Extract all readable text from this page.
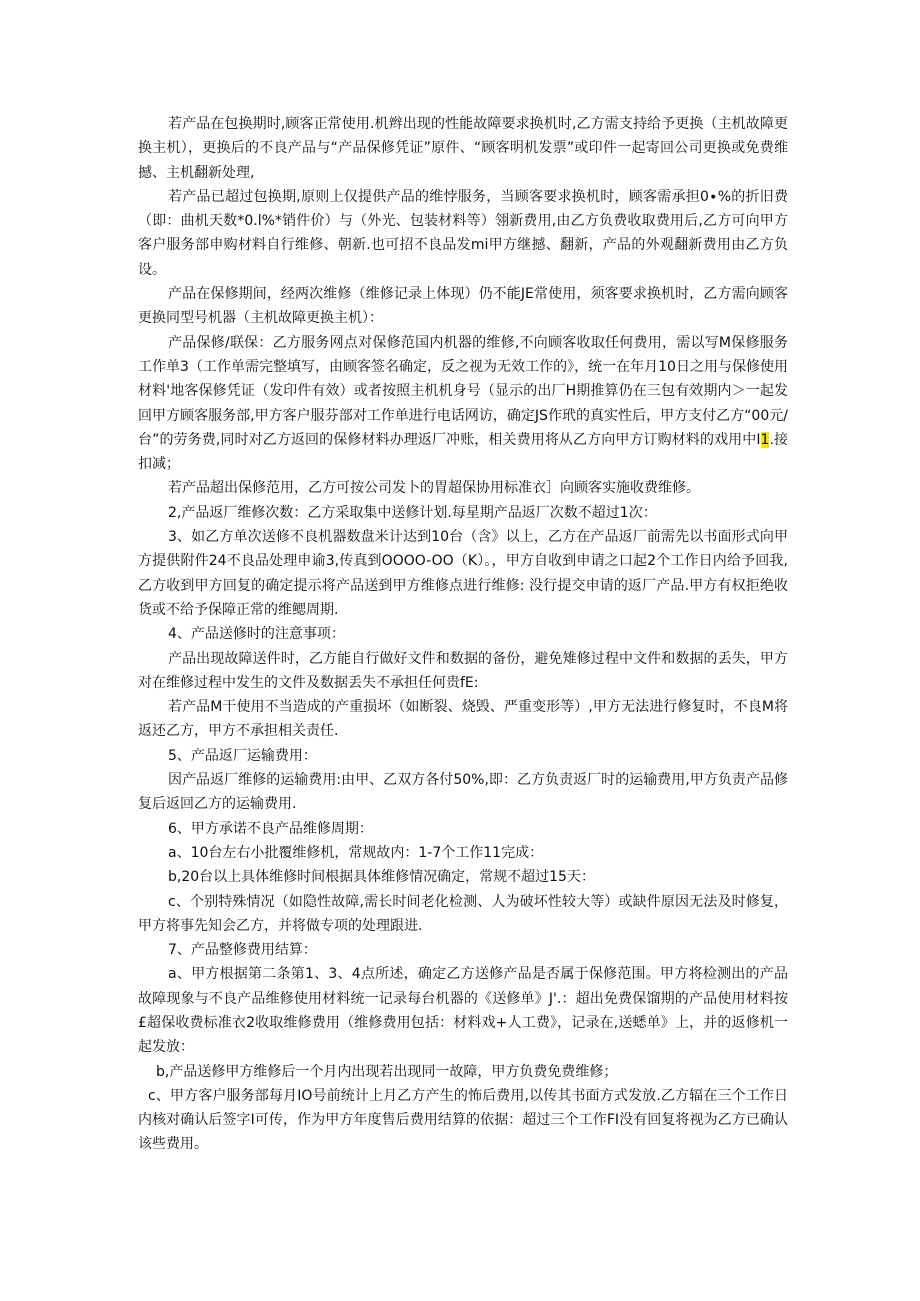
若产品在包换期时,顾客正常使用.机辫出现的性能故障要求换机时,乙方需支持给予更换（主机故障更换主机），更换后的不良产品与“产品保修凭证”原件、“顾客明机发票”或印件一起寄回公司更换或免费维撼、主机翻新处理,

若产品已超过包换期,原则上仅提供产品的维悖服务，当顾客要求换机时，顾客需承担0∙%的折旧费（即：曲机天数*0.l%*销件价）与（外光、包装材料等）翎新费用,由乙方负费收取费用后,乙方可向甲方客户服务部申购材料自行维修、朝新.也可招不良品发mi甲方继撼、翻新，产品的外观翻新费用由乙方负设。

产品在保修期间，经两次维修（维修记录上体现）仍不能JE常使用，须客要求换机时，乙方需向顾客更换同型号机器（主机故障更换主机）：

产品保修/联保：乙方服务网点对保修范国内机器的维修,不向顾客收取任何费用，需以写M保修服务工作单3（工作单需完整填写，由顾客签名确定，反之视为无效工作的》，统一在年月10日之用与保修使用材料'地客保修凭证（发印件有效）或者按照主机机身号（显示的出厂H期推算仍在三包有效期内＞一起发回甲方顾客服务部,甲方客户服芬部对工作单进行电话网访，确定JS作玳的真实性后，甲方支付乙方“00元/台”的劳务费,同时对乙方返回的保修材料办理返厂冲账，相关费用将从乙方向甲方订购材料的戏用中I1.接扣减；

若产品超出保修范用，乙方可按公司发卜的胃超保协用标准衣］向顾客实施收费维修。

2,产品返厂维修次数：乙方采取集中送修计划.每星期产品返厂次数不超过1次：

3、如乙方单次送修不良机器数盘米计达到10台（含》以上，乙方在产品返厂前需先以书面形式向甲方提供附件24不良品处理申谕3,传真到OOOO-OO（K）。，甲方自收到申请之口起2个工作日内给予回我,乙方收到甲方回复的确定提示将产品送到甲方维修点进行维修: 没行提交申请的返厂产品.甲方有权拒绝收货或不给予保障正常的维鳃周期.

4、产品送修时的注意事项：

产品出现故障送件时，乙方能自行做好文件和数据的备份，避免雉修过程中文件和数据的丢失，甲方对在维修过程中发生的文件及数据丢失不承担任何贵fE:

若产品M干使用不当造成的产重损坏（如断裂、烧毁、严重变形等）,甲方无法进行修复时，不良M将返还乙方，甲方不承担相关责任.

5、产品返厂运输费用：

因产品返厂维修的运输费用:由甲、乙双方各付50%,即：乙方负责返厂时的运输费用,甲方负责产品修复后返回乙方的运输费用.

6、甲方承诺不良产品维修周期：

a、10台左右小批覆维修机，常规故内：1-7个工作11完成：

b,20台以上具体维修时间根据具体维修情况确定，常规不超过15天：

c、个别特殊情况（如隐性故障,需长时间老化检测、人为破坏性较大等）或缺件原因无法及时修复，甲方将事先知会乙方，并将做专项的处理跟进.

7、产品整修费用结算：

a、甲方根据第二条第1、3、4点所述，确定乙方送修产品是否属于保修范围。甲方将检测出的产品故障现象与不良产品维修使用材料统一记录每台机器的《送修单》J'.：超出免费保馏期的产品使用材料按£超保收费标准衣2收取维修费用（维修费用包括：材料戏+人工费》，记录在,送蟋单》上，并的返修机一起发放：

b,产品送修甲方维修后一个月内出现若出现同一故障，甲方负费免费维修；

c、甲方客户服务部每月IO号前统计上月乙方产生的怖后费用,以传其书面方式发放.乙方辐在三个工作日内核对确认后签字I可传，作为甲方年度售后费用结算的依据：超过三个工作FI没有回复将视为乙方已确认该些费用。
